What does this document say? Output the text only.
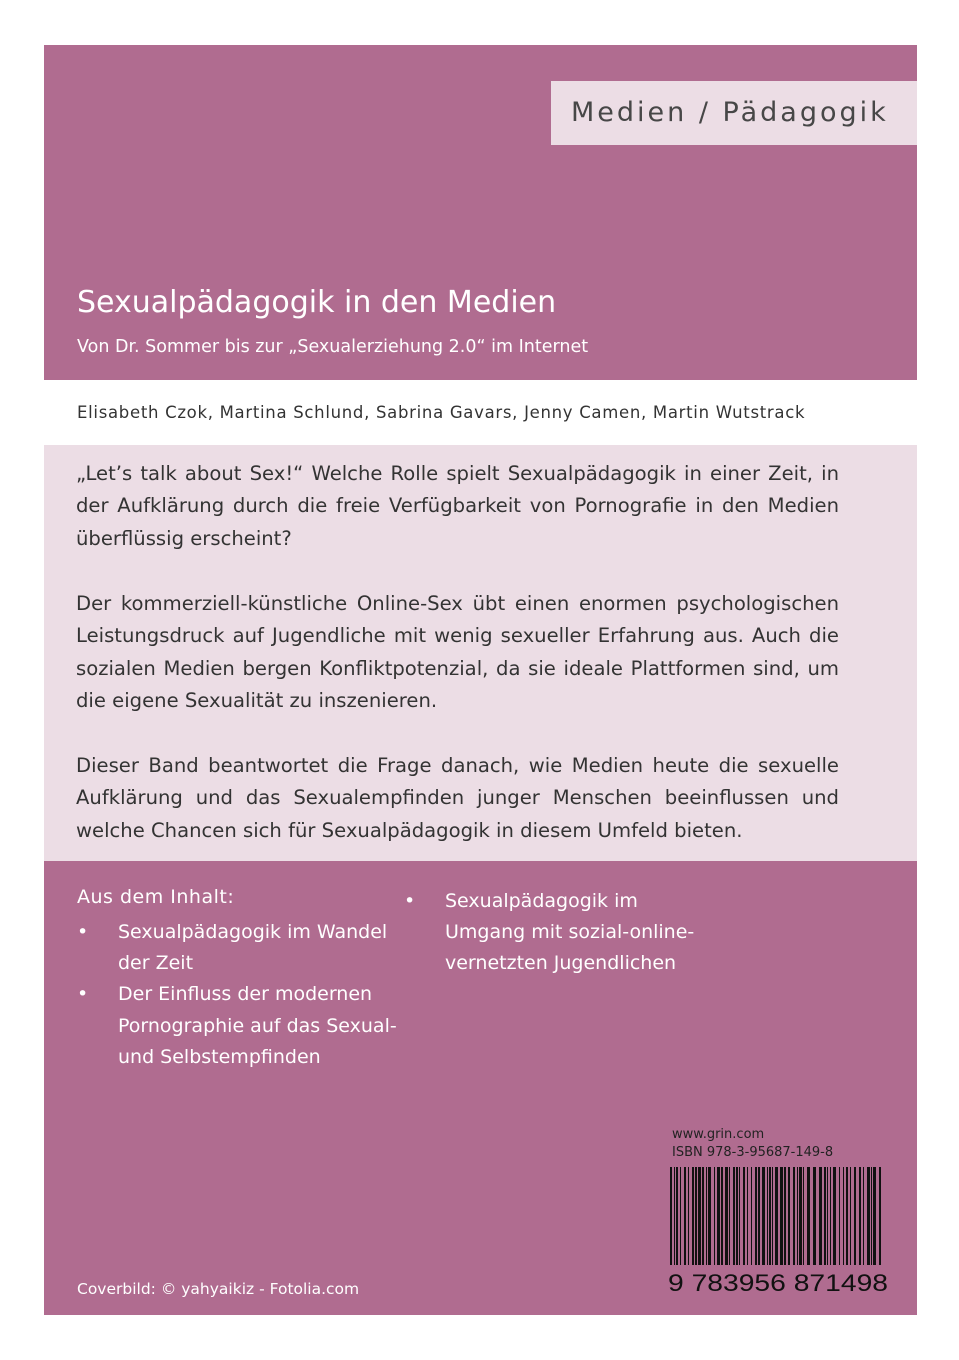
Medien / Pädagogik
Sexualpädagogik in den Medien
Von Dr. Sommer bis zur „Sexualerziehung 2.0“ im Internet
Elisabeth Czok, Martina Schlund, Sabrina Gavars, Jenny Camen, Martin Wutstrack

„Let’s talk about Sex!“ Welche Rolle spielt Sexualpädagogik in einer Zeit, in der Aufklärung durch die freie Verfügbarkeit von Pornografie in den Medien überflüssig erscheint?

Der kommerziell-künstliche Online-Sex übt einen enormen psychologischen Leistungsdruck auf Jugendliche mit wenig sexueller Erfahrung aus. Auch die sozialen Medien bergen Konfliktpotenzial, da sie ideale Plattformen sind, um die eigene Sexualität zu inszenieren.

Dieser Band beantwortet die Frage danach, wie Medien heute die sexuelle Aufklärung und das Sexualempfinden junger Menschen beeinflussen und welche Chancen sich für Sexualpädagogik in diesem Umfeld bieten.

Aus dem Inhalt:
• Sexualpädagogik im Wandel der Zeit
• Der Einfluss der modernen Pornographie auf das Sexual- und Selbstempfinden
• Sexualpädagogik im Umgang mit sozial-online-vernetzten Jugendlichen
www.grin.com
ISBN 978-3-95687-149-8
9 783956 871498
Coverbild: © yahyaikiz - Fotolia.com
